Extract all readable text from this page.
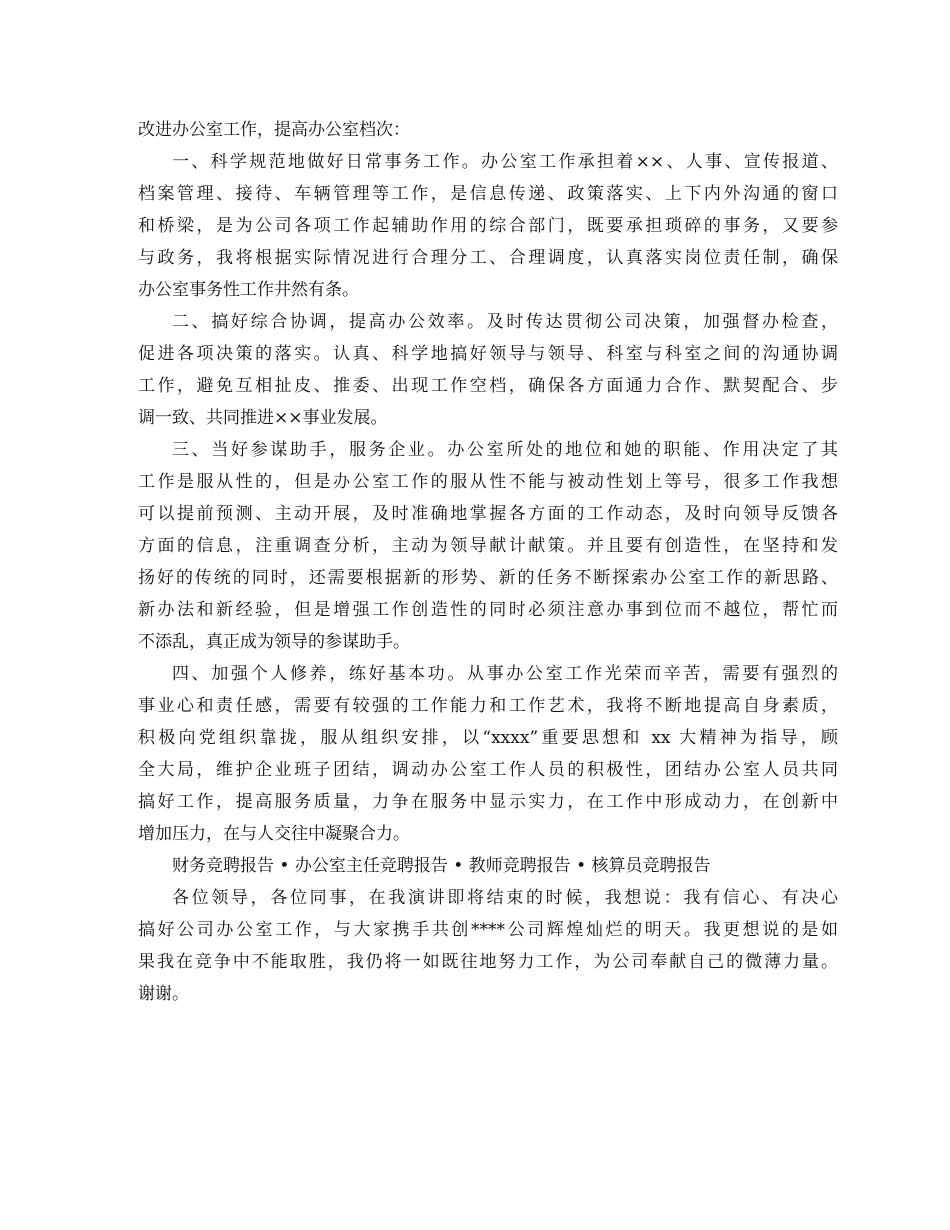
改进办公室工作，提高办公室档次：
一、科学规范地做好日常事务工作。办公室工作承担着××、人事、宣传报道、
档案管理、接待、车辆管理等工作，是信息传递、政策落实、上下内外沟通的窗口
和桥梁，是为公司各项工作起辅助作用的综合部门，既要承担琐碎的事务，又要参
与政务，我将根据实际情况进行合理分工、合理调度，认真落实岗位责任制，确保
办公室事务性工作井然有条。
二、搞好综合协调，提高办公效率。及时传达贯彻公司决策，加强督办检查，
促进各项决策的落实。认真、科学地搞好领导与领导、科室与科室之间的沟通协调
工作，避免互相扯皮、推委、出现工作空档，确保各方面通力合作、默契配合、步
调一致、共同推进××事业发展。
三、当好参谋助手，服务企业。办公室所处的地位和她的职能、作用决定了其
工作是服从性的，但是办公室工作的服从性不能与被动性划上等号，很多工作我想
可以提前预测、主动开展，及时准确地掌握各方面的工作动态，及时向领导反馈各
方面的信息，注重调查分析，主动为领导献计献策。并且要有创造性，在坚持和发
扬好的传统的同时，还需要根据新的形势、新的任务不断探索办公室工作的新思路、
新办法和新经验，但是增强工作创造性的同时必须注意办事到位而不越位，帮忙而
不添乱，真正成为领导的参谋助手。
四、加强个人修养，练好基本功。从事办公室工作光荣而辛苦，需要有强烈的
事业心和责任感，需要有较强的工作能力和工作艺术，我将不断地提高自身素质，
积极向党组织靠拢，服从组织安排，以“xxxx”重要思想和 xx 大精神为指导，顾
全大局，维护企业班子团结，调动办公室工作人员的积极性，团结办公室人员共同
搞好工作，提高服务质量，力争在服务中显示实力，在工作中形成动力，在创新中
增加压力，在与人交往中凝聚合力。
财务竞聘报告 • 办公室主任竞聘报告 • 教师竞聘报告 • 核算员竞聘报告
各位领导，各位同事，在我演讲即将结束的时候，我想说：我有信心、有决心
搞好公司办公室工作，与大家携手共创****公司辉煌灿烂的明天。我更想说的是如
果我在竞争中不能取胜，我仍将一如既往地努力工作，为公司奉献自己的微薄力量。
谢谢。
